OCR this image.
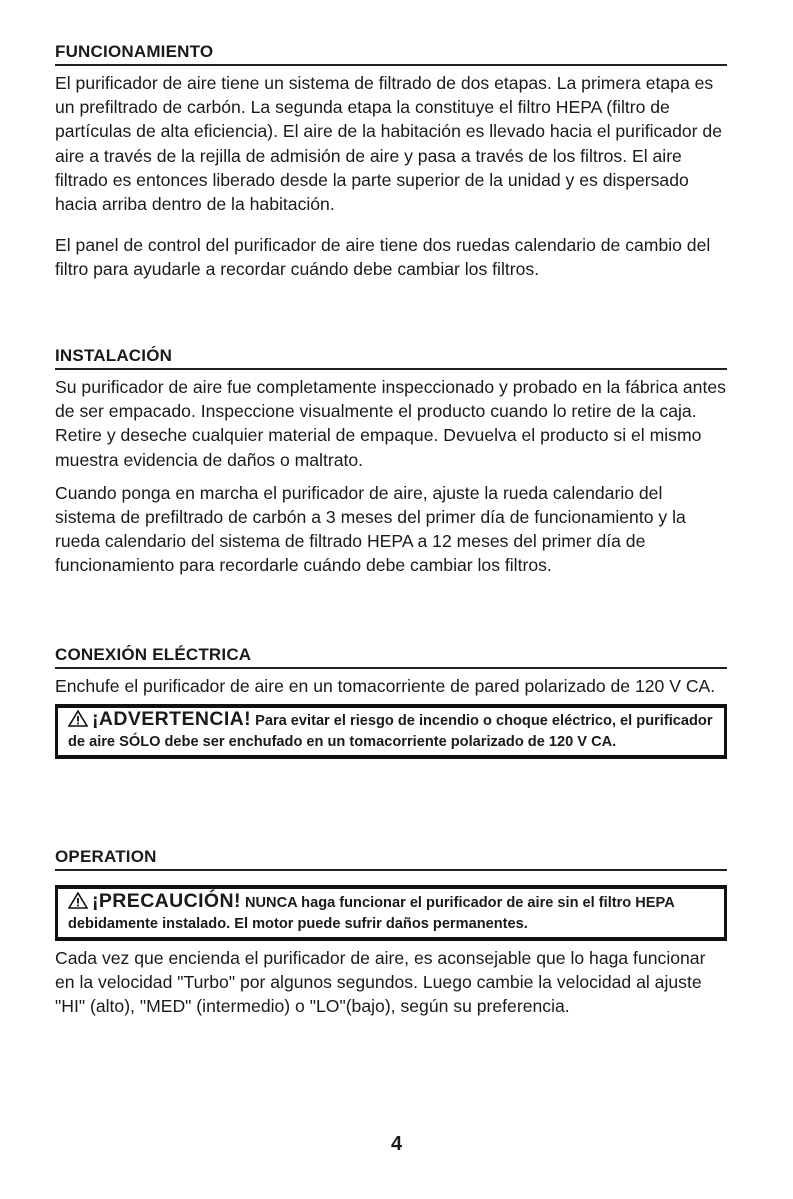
FUNCIONAMIENTO

El purificador de aire tiene un sistema de filtrado de dos etapas. La primera etapa es un prefiltrado de carbón. La segunda etapa la constituye el filtro HEPA (filtro de partículas de alta eficiencia). El aire de la habitación es llevado hacia el purificador de aire a través de la rejilla de admisión de aire y pasa a través de los filtros. El aire filtrado es entonces liberado desde la parte superior de la unidad y es dispersado hacia arriba dentro de la habitación.

El panel de control del purificador de aire tiene dos ruedas calendario de cambio del filtro para ayudarle a recordar cuándo debe cambiar los filtros.

INSTALACIÓN

Su purificador de aire fue completamente inspeccionado y probado en la fábrica antes de ser empacado. Inspeccione visualmente el producto cuando lo retire de la caja. Retire y deseche cualquier material de empaque. Devuelva el producto si el mismo muestra evidencia de daños o maltrato.

Cuando ponga en marcha el purificador de aire, ajuste la rueda calendario del sistema de prefiltrado de carbón a 3 meses del primer día de funcionamiento y la rueda calendario del sistema de filtrado HEPA a 12 meses del primer día de funcionamiento para recordarle cuándo debe cambiar los filtros.

CONEXIÓN ELÉCTRICA

Enchufe el purificador de aire en un tomacorriente de pared polarizado de 120 V CA.

¡ADVERTENCIA! Para evitar el riesgo de incendio o choque eléctrico, el purificador de aire SÓLO debe ser enchufado en un tomacorriente polarizado de 120 V CA.
OPERATION
¡PRECAUCIÓN! NUNCA haga funcionar el purificador de aire sin el filtro HEPA debidamente instalado. El motor puede sufrir daños permanentes.

Cada vez que encienda el purificador de aire, es aconsejable que lo haga funcionar en la velocidad "Turbo" por algunos segundos. Luego cambie la velocidad al ajuste "HI" (alto), "MED" (intermedio) o "LO"(bajo), según su preferencia.

4
